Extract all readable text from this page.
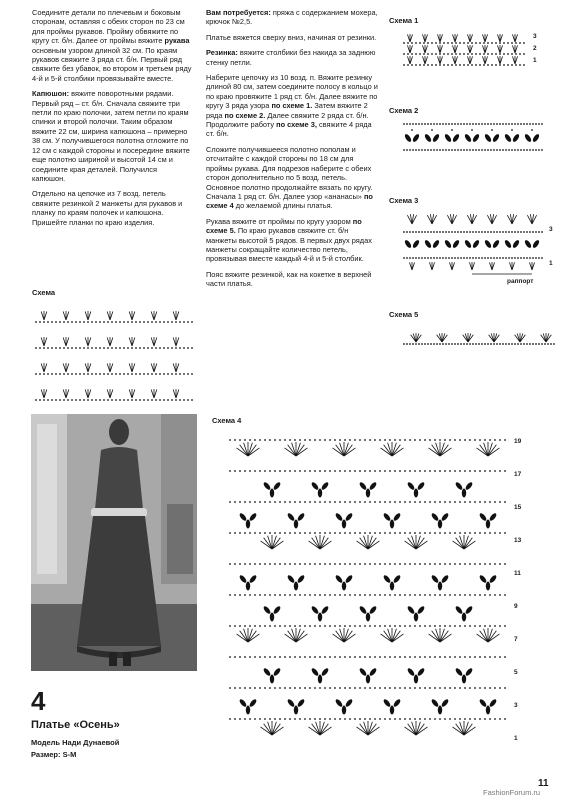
Соедините детали по плечевым и боковым сторонам, оставляя с обеих сторон по 23 см для проймы рукавов. Пройму обвяжите по кругу ст. б/н. Далее от проймы вяжите рукава основным узором длиной 32 см. По краям рукавов свяжите 3 ряда ст. б/н. Первый ряд свяжите без убавок, во втором и третьем ряду 4-й и 5-й столбики провязывайте вместе.

Капюшон: вяжите поворотными рядами. Первый ряд – ст. б/н. Сначала свяжите три петли по краю полочки, затем петли по краям спинки и второй полочки. Таким образом вяжите 22 см, ширина капюшона – примерно 38 см. У получившегося полотна отложите по 12 см с каждой стороны и посередине вяжите еще полотно шириной и высотой 14 см и соедините края деталей. Получился капюшон.

Отдельно на цепочке из 7 возд. петель свяжите резинкой 2 манжеты для рукавов и планку по краям полочек и капюшона. Пришейте планки по краю изделия.

Схема

Вам потребуется: пряжа с содержанием мохера, крючок №2,5.

Платье вяжется сверху вниз, начиная от резинки.

Резинка: вяжите столбики без накида за заднюю стенку петли.

Наберите цепочку из 10 возд. п. Вяжите резинку длиной 80 см, затем соедините полосу в кольцо и по краю провяжите 1 ряд ст. б/н. Далее вяжите по кругу 3 ряда узора по схеме 1. Затем вяжите 2 ряда по схеме 2. Далее свяжите 2 ряда ст. б/н. Продолжите работу по схеме 3, свяжите 4 ряда ст. б/н.

Сложите получившееся полотно пополам и отсчитайте с каждой стороны по 18 см для проймы рукава. Для подрезов наберите с обеих сторон дополнительно по 5 возд. петель. Основное полотно продолжайте вязать по кругу. Сначала 1 ряд ст. б/н. Далее узор «ананасы» по схеме 4 до желаемой длины платья.

Рукава вяжите от проймы по кругу узором по схеме 5. По краю рукавов свяжите ст. б/н манжеты высотой 5 рядов. В первых двух рядах манжеты сокращайте количество петель, провязывая вместе каждый 4-й и 5-й столбик.

Пояс вяжите резинкой, как на кокетке в верхней части платья.

Схема 1
Схема 2
Схема 3
Схема 5
Схема 4
раппорт
3
2
1
3
1
19
17
15
13
11
9
7
5
3
1
4
Платье «Осень»
Модель Нади Дунаевой
Размер: S-M
11
FashionForum.ru
